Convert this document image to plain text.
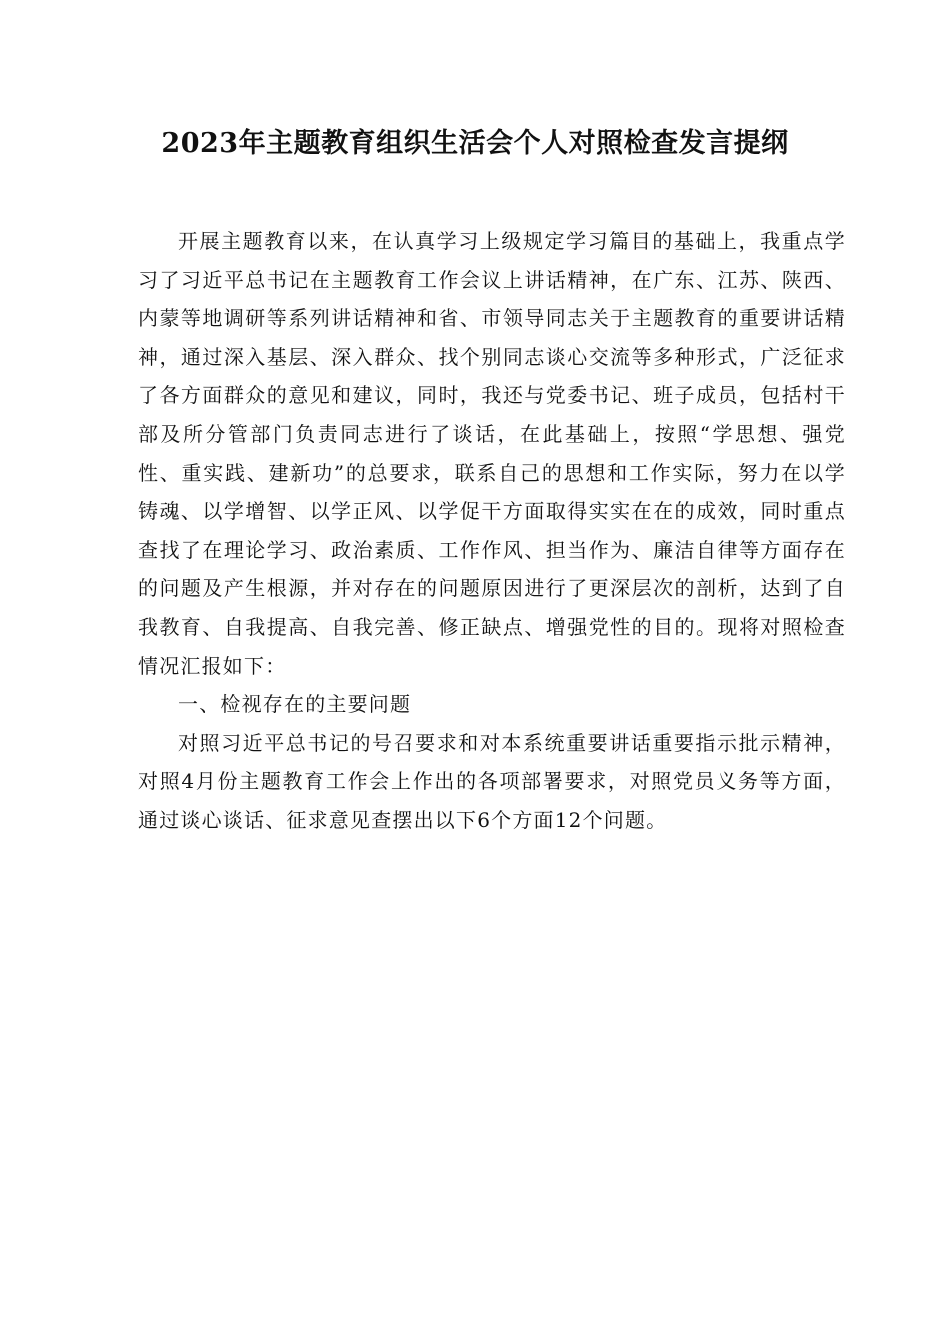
2023年主题教育组织生活会个人对照检查发言提纲

开展主题教育以来，在认真学习上级规定学习篇目的基础上，我重点学习了习近平总书记在主题教育工作会议上讲话精神，在广东、江苏、陕西、内蒙等地调研等系列讲话精神和省、市领导同志关于主题教育的重要讲话精神，通过深入基层、深入群众、找个别同志谈心交流等多种形式，广泛征求了各方面群众的意见和建议，同时，我还与党委书记、班子成员，包括村干部及所分管部门负责同志进行了谈话，在此基础上，按照“学思想、强党性、重实践、建新功”的总要求，联系自己的思想和工作实际，努力在以学铸魂、以学增智、以学正风、以学促干方面取得实实在在的成效，同时重点查找了在理论学习、政治素质、工作作风、担当作为、廉洁自律等方面存在的问题及产生根源，并对存在的问题原因进行了更深层次的剖析，达到了自我教育、自我提高、自我完善、修正缺点、增强党性的目的。现将对照检查情况汇报如下：

一、检视存在的主要问题

对照习近平总书记的号召要求和对本系统重要讲话重要指示批示精神，对照4月份主题教育工作会上作出的各项部署要求，对照党员义务等方面，通过谈心谈话、征求意见查摆出以下6个方面12个问题。
